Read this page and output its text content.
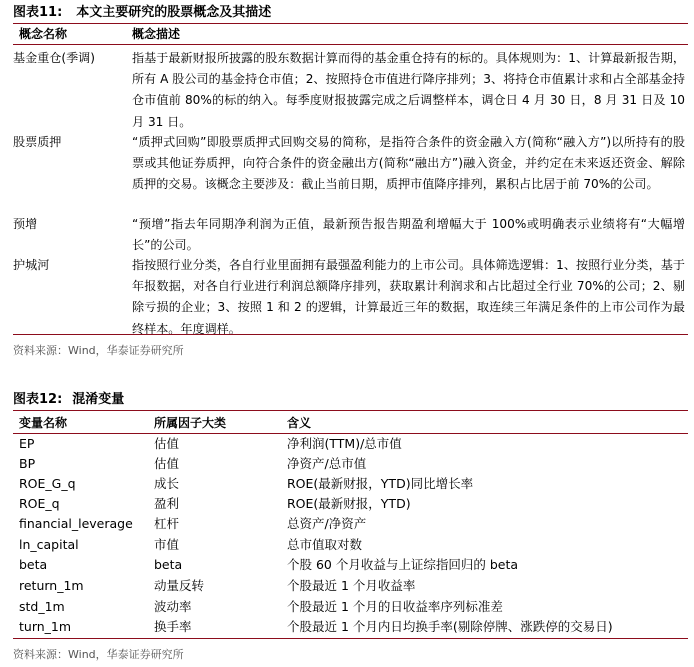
图表11: 本文主要研究的股票概念及其描述
概念名称	概念描述
基金重仓(季调)	指基于最新财报所披露的股东数据计算而得的基金重仓持有的标的。具体规则为：1、计算最新报告期，所有 A 股公司的基金持仓市值；2、按照持仓市值进行降序排列；3、将持仓市值累计求和占全部基金持仓市值前 80%的标的纳入。每季度财报披露完成之后调整样本，调仓日 4 月 30 日，8 月 31 日及 10 月 31 日。
股票质押	“质押式回购”即股票质押式回购交易的简称，是指符合条件的资金融入方(简称“融入方”)以所持有的股票或其他证券质押，向符合条件的资金融出方(简称“融出方”)融入资金，并约定在未来返还资金、解除质押的交易。该概念主要涉及：截止当前日期，质押市值降序排列，累积占比居于前 70%的公司。
预增	“预增”指去年同期净利润为正值，最新预告报告期盈利增幅大于 100%或明确表示业绩将有“大幅增长”的公司。
护城河	指按照行业分类，各自行业里面拥有最强盈利能力的上市公司。具体筛选逻辑：1、按照行业分类，基于年报数据，对各自行业进行利润总额降序排列，获取累计利润求和占比超过全行业 70%的公司；2、剔除亏损的企业；3、按照 1 和 2 的逻辑，计算最近三年的数据，取连续三年满足条件的上市公司作为最终样本。年度调样。
资料来源：Wind，华泰证券研究所
图表12: 混淆变量
变量名称	所属因子大类	含义
EP	估值	净利润(TTM)/总市值
BP	估值	净资产/总市值
ROE_G_q	成长	ROE(最新财报，YTD)同比增长率
ROE_q	盈利	ROE(最新财报，YTD)
financial_leverage 杠杆	总资产/净资产
ln_capital	市值	总市值取对数
beta	beta	个股 60 个月收益与上证综指回归的 beta
return_1m	动量反转	个股最近 1 个月收益率
std_1m	波动率	个股最近 1 个月的日收益率序列标准差
turn_1m	换手率	个股最近 1 个月内日均换手率(剔除停牌、涨跌停的交易日)
资料来源：Wind，华泰证券研究所
